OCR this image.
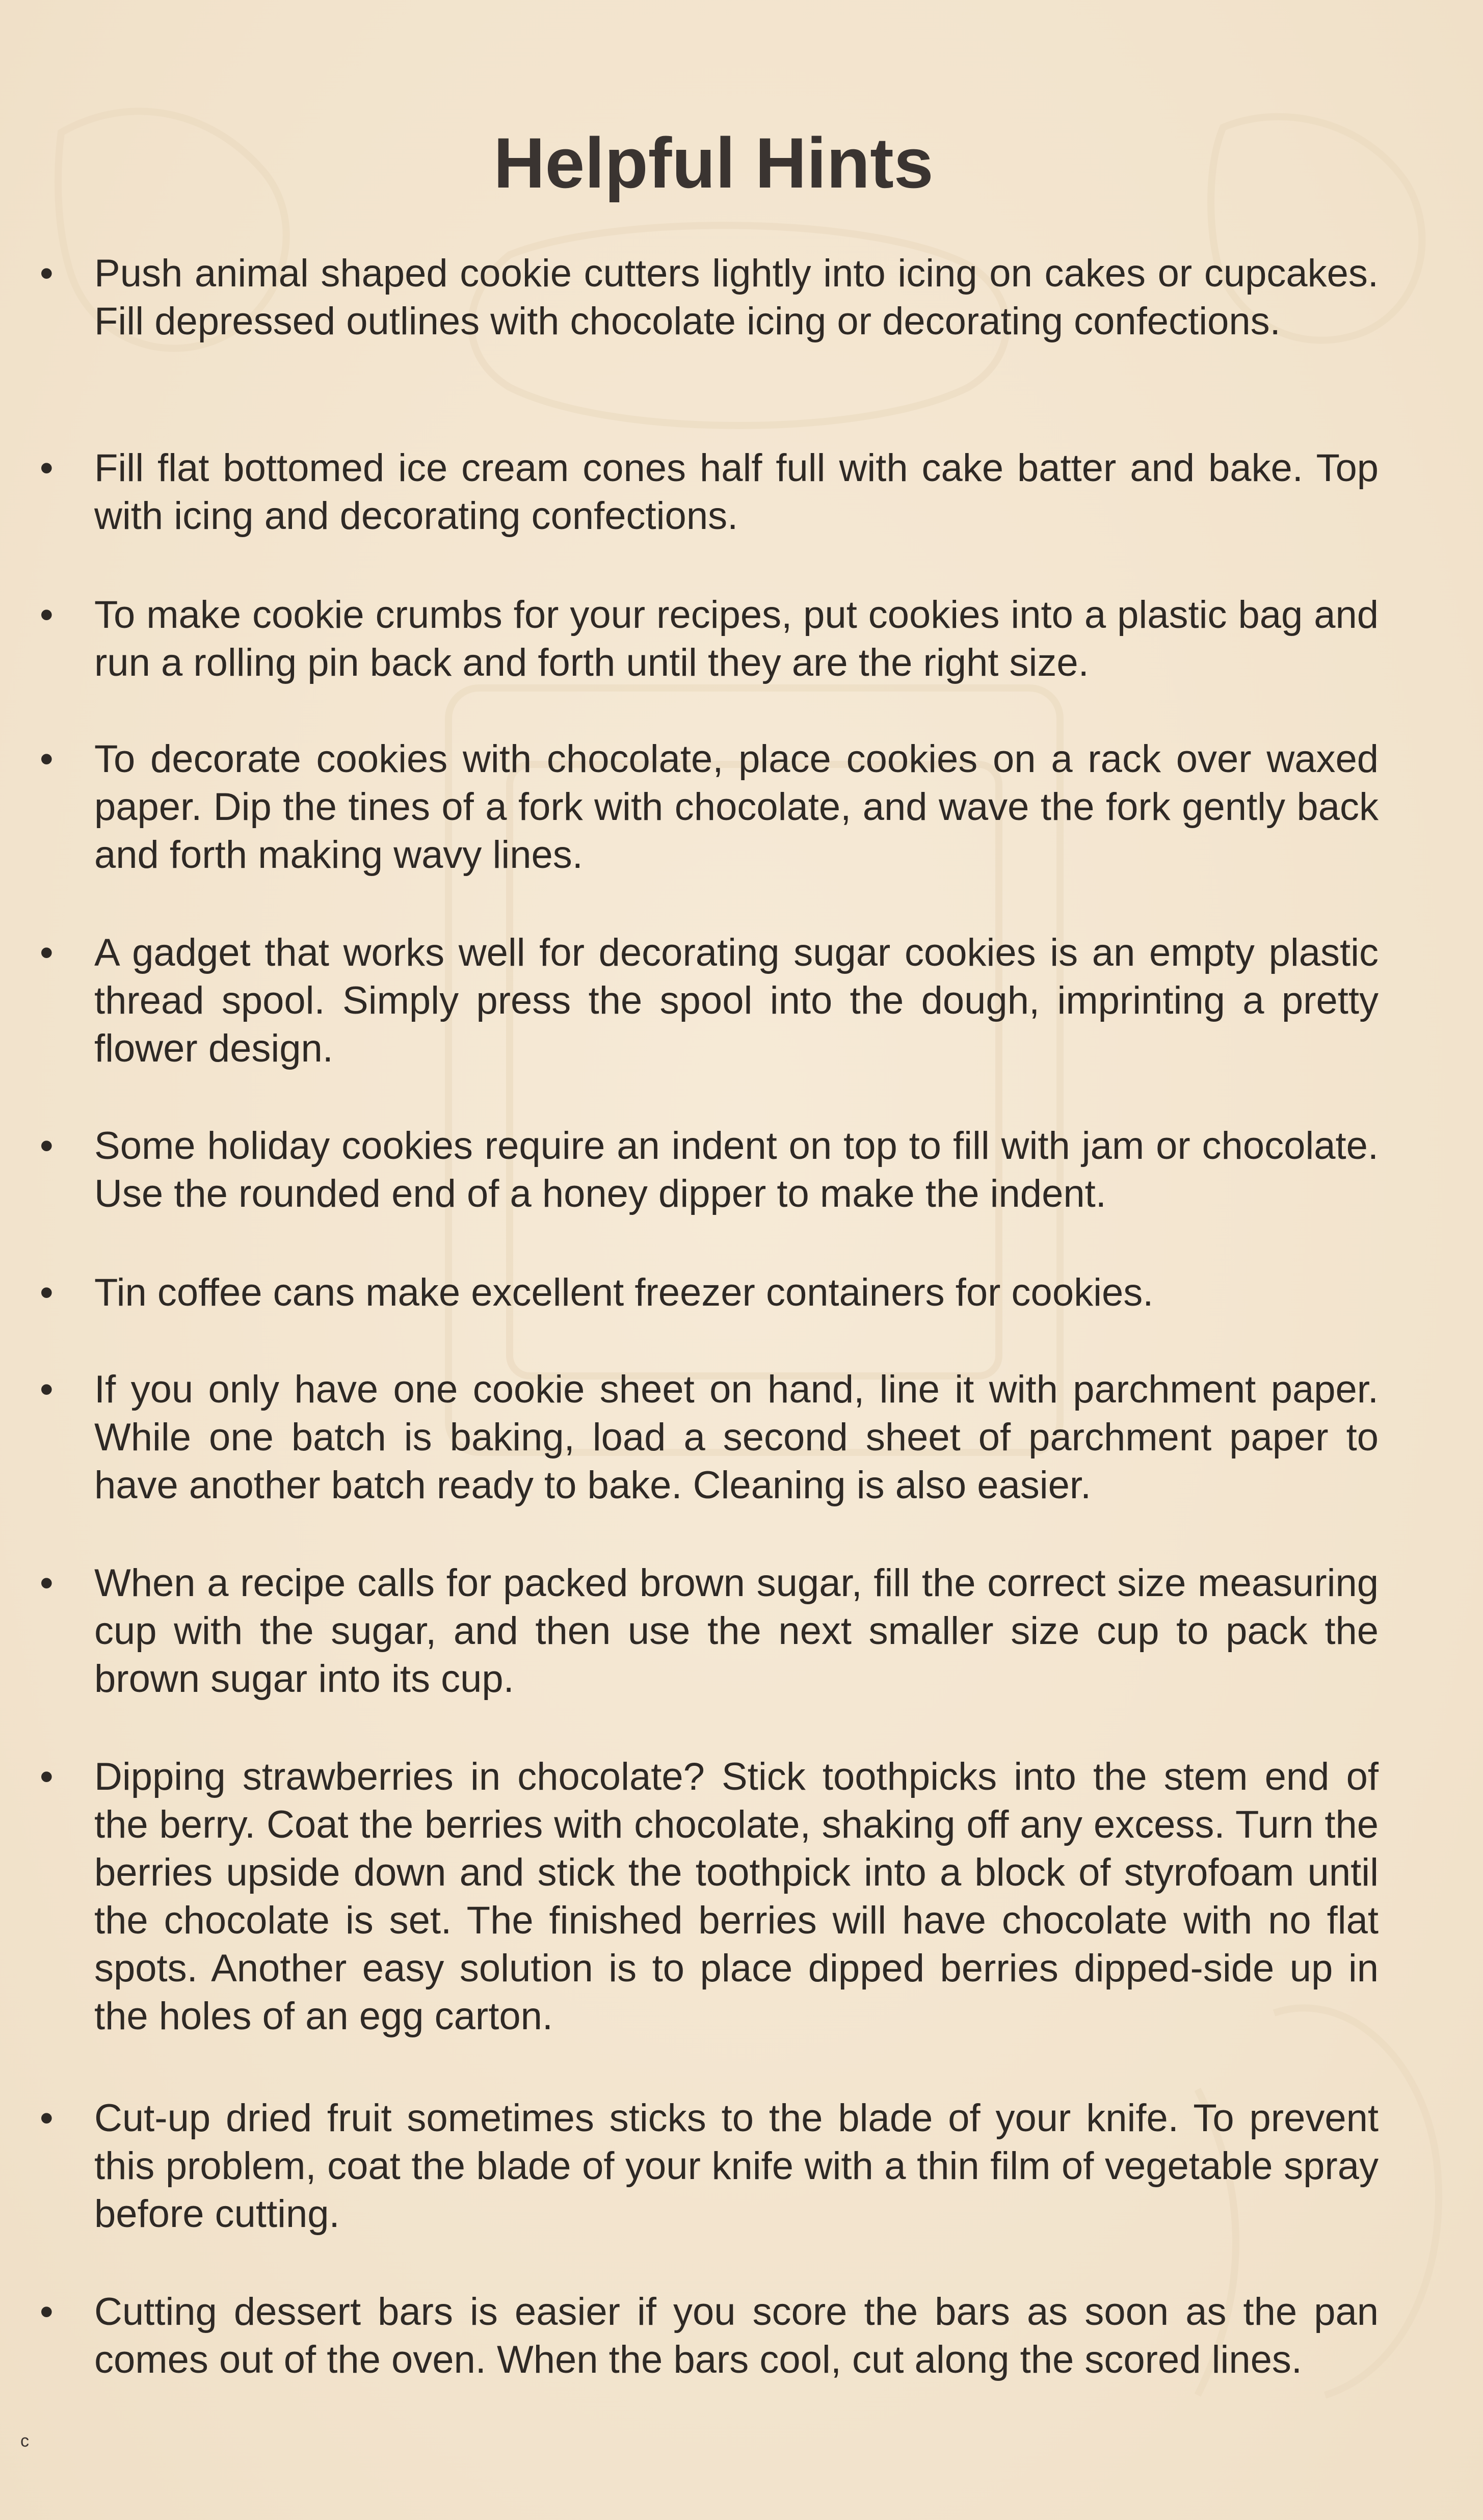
Helpful Hints
• Push animal shaped cookie cutters lightly into icing on cakes or cupcakes. Fill depressed outlines with chocolate icing or decorating confections.
• Fill flat bottomed ice cream cones half full with cake batter and bake. Top with icing and decorating confections.
• To make cookie crumbs for your recipes, put cookies into a plastic bag and run a rolling pin back and forth until they are the right size.
• To decorate cookies with chocolate, place cookies on a rack over waxed paper. Dip the tines of a fork with chocolate, and wave the fork gently back and forth making wavy lines.
• A gadget that works well for decorating sugar cookies is an empty plastic thread spool. Simply press the spool into the dough, imprinting a pretty flower design.
• Some holiday cookies require an indent on top to fill with jam or chocolate. Use the rounded end of a honey dipper to make the indent.
• Tin coffee cans make excellent freezer containers for cookies.
• If you only have one cookie sheet on hand, line it with parchment paper. While one batch is baking, load a second sheet of parchment paper to have another batch ready to bake. Cleaning is also easier.
• When a recipe calls for packed brown sugar, fill the correct size measuring cup with the sugar, and then use the next smaller size cup to pack the brown sugar into its cup.
• Dipping strawberries in chocolate? Stick toothpicks into the stem end of the berry. Coat the berries with chocolate, shaking off any excess. Turn the berries upside down and stick the toothpick into a block of styrofoam until the chocolate is set. The finished berries will have chocolate with no flat spots. Another easy solution is to place dipped berries dipped-side up in the holes of an egg carton.
• Cut-up dried fruit sometimes sticks to the blade of your knife. To prevent this problem, coat the blade of your knife with a thin film of vegetable spray before cutting.
• Cutting dessert bars is easier if you score the bars as soon as the pan comes out of the oven. When the bars cool, cut along the scored lines.
c
